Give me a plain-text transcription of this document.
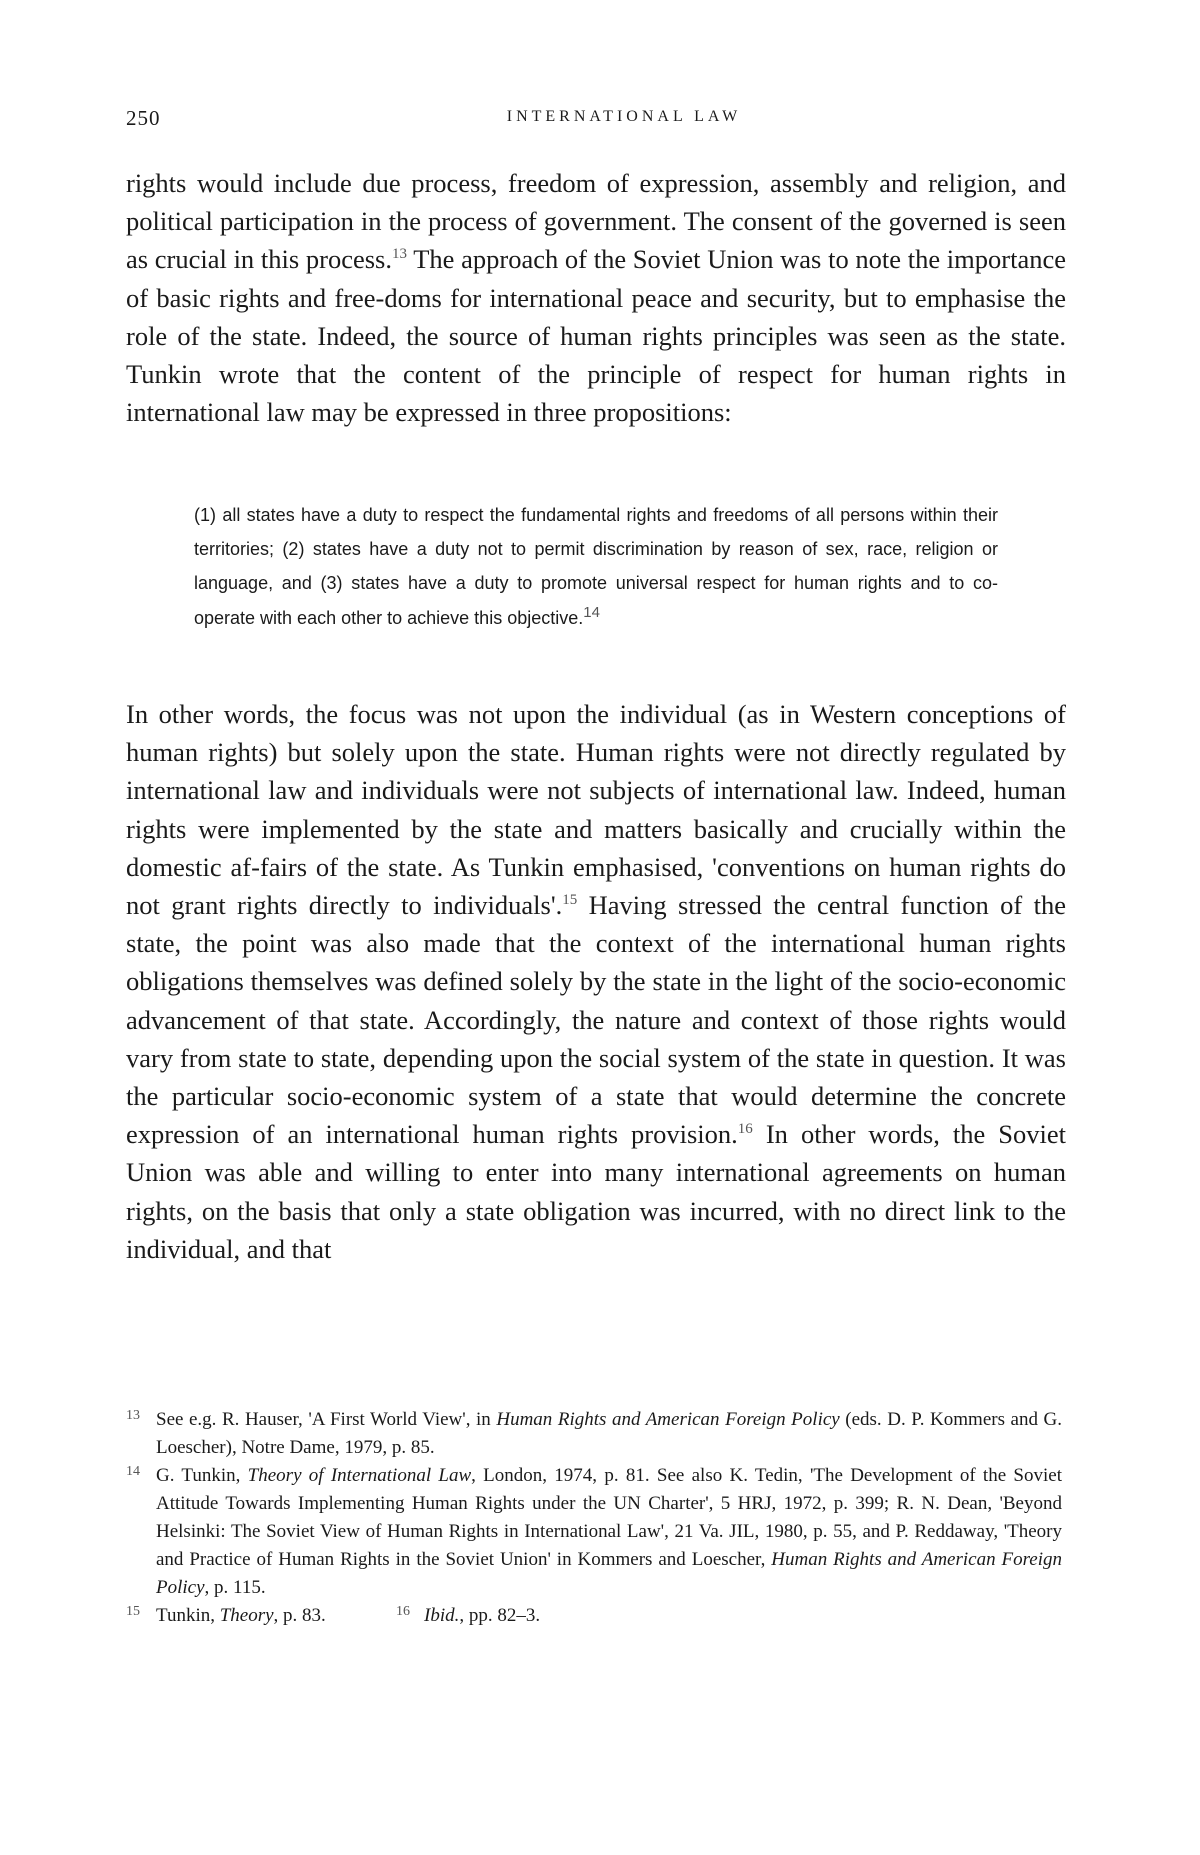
250	INTERNATIONAL LAW

rights would include due process, freedom of expression, assembly and religion, and political participation in the process of government. The consent of the governed is seen as crucial in this process.$^{13}$ The approach of the Soviet Union was to note the importance of basic rights and free-doms for international peace and security, but to emphasise the role of the state. Indeed, the source of human rights principles was seen as the state. Tunkin wrote that the content of the principle of respect for human rights in international law may be expressed in three propositions:

(1) all states have a duty to respect the fundamental rights and freedoms of all persons within their territories; (2) states have a duty not to permit discrimination by reason of sex, race, religion or language, and (3) states have a duty to promote universal respect for human rights and to co-operate with each other to achieve this objective.$^{14}$

In other words, the focus was not upon the individual (as in Western conceptions of human rights) but solely upon the state. Human rights were not directly regulated by international law and individuals were not subjects of international law. Indeed, human rights were implemented by the state and matters basically and crucially within the domestic af-fairs of the state. As Tunkin emphasised, 'conventions on human rights do not grant rights directly to individuals'.$^{15}$ Having stressed the central function of the state, the point was also made that the context of the international human rights obligations themselves was defined solely by the state in the light of the socio-economic advancement of that state. Accordingly, the nature and context of those rights would vary from state to state, depending upon the social system of the state in question. It was the particular socio-economic system of a state that would determine the concrete expression of an international human rights provision.$^{16}$ In other words, the Soviet Union was able and willing to enter into many international agreements on human rights, on the basis that only a state obligation was incurred, with no direct link to the individual, and that

13 See e.g. R. Hauser, 'A First World View', in Human Rights and American Foreign Policy (eds. D. P. Kommers and G. Loescher), Notre Dame, 1979, p. 85.

14 G. Tunkin, Theory of International Law, London, 1974, p. 81. See also K. Tedin, 'The Development of the Soviet Attitude Towards Implementing Human Rights under the UN Charter', 5 HRJ, 1972, p. 399; R. N. Dean, 'Beyond Helsinki: The Soviet View of Human Rights in International Law', 21 Va. JIL, 1980, p. 55, and P. Reddaway, 'Theory and Practice of Human Rights in the Soviet Union' in Kommers and Loescher, Human Rights and American Foreign Policy, p. 115.

15 Tunkin, Theory, p. 83.	16 Ibid., pp. 82–3.
